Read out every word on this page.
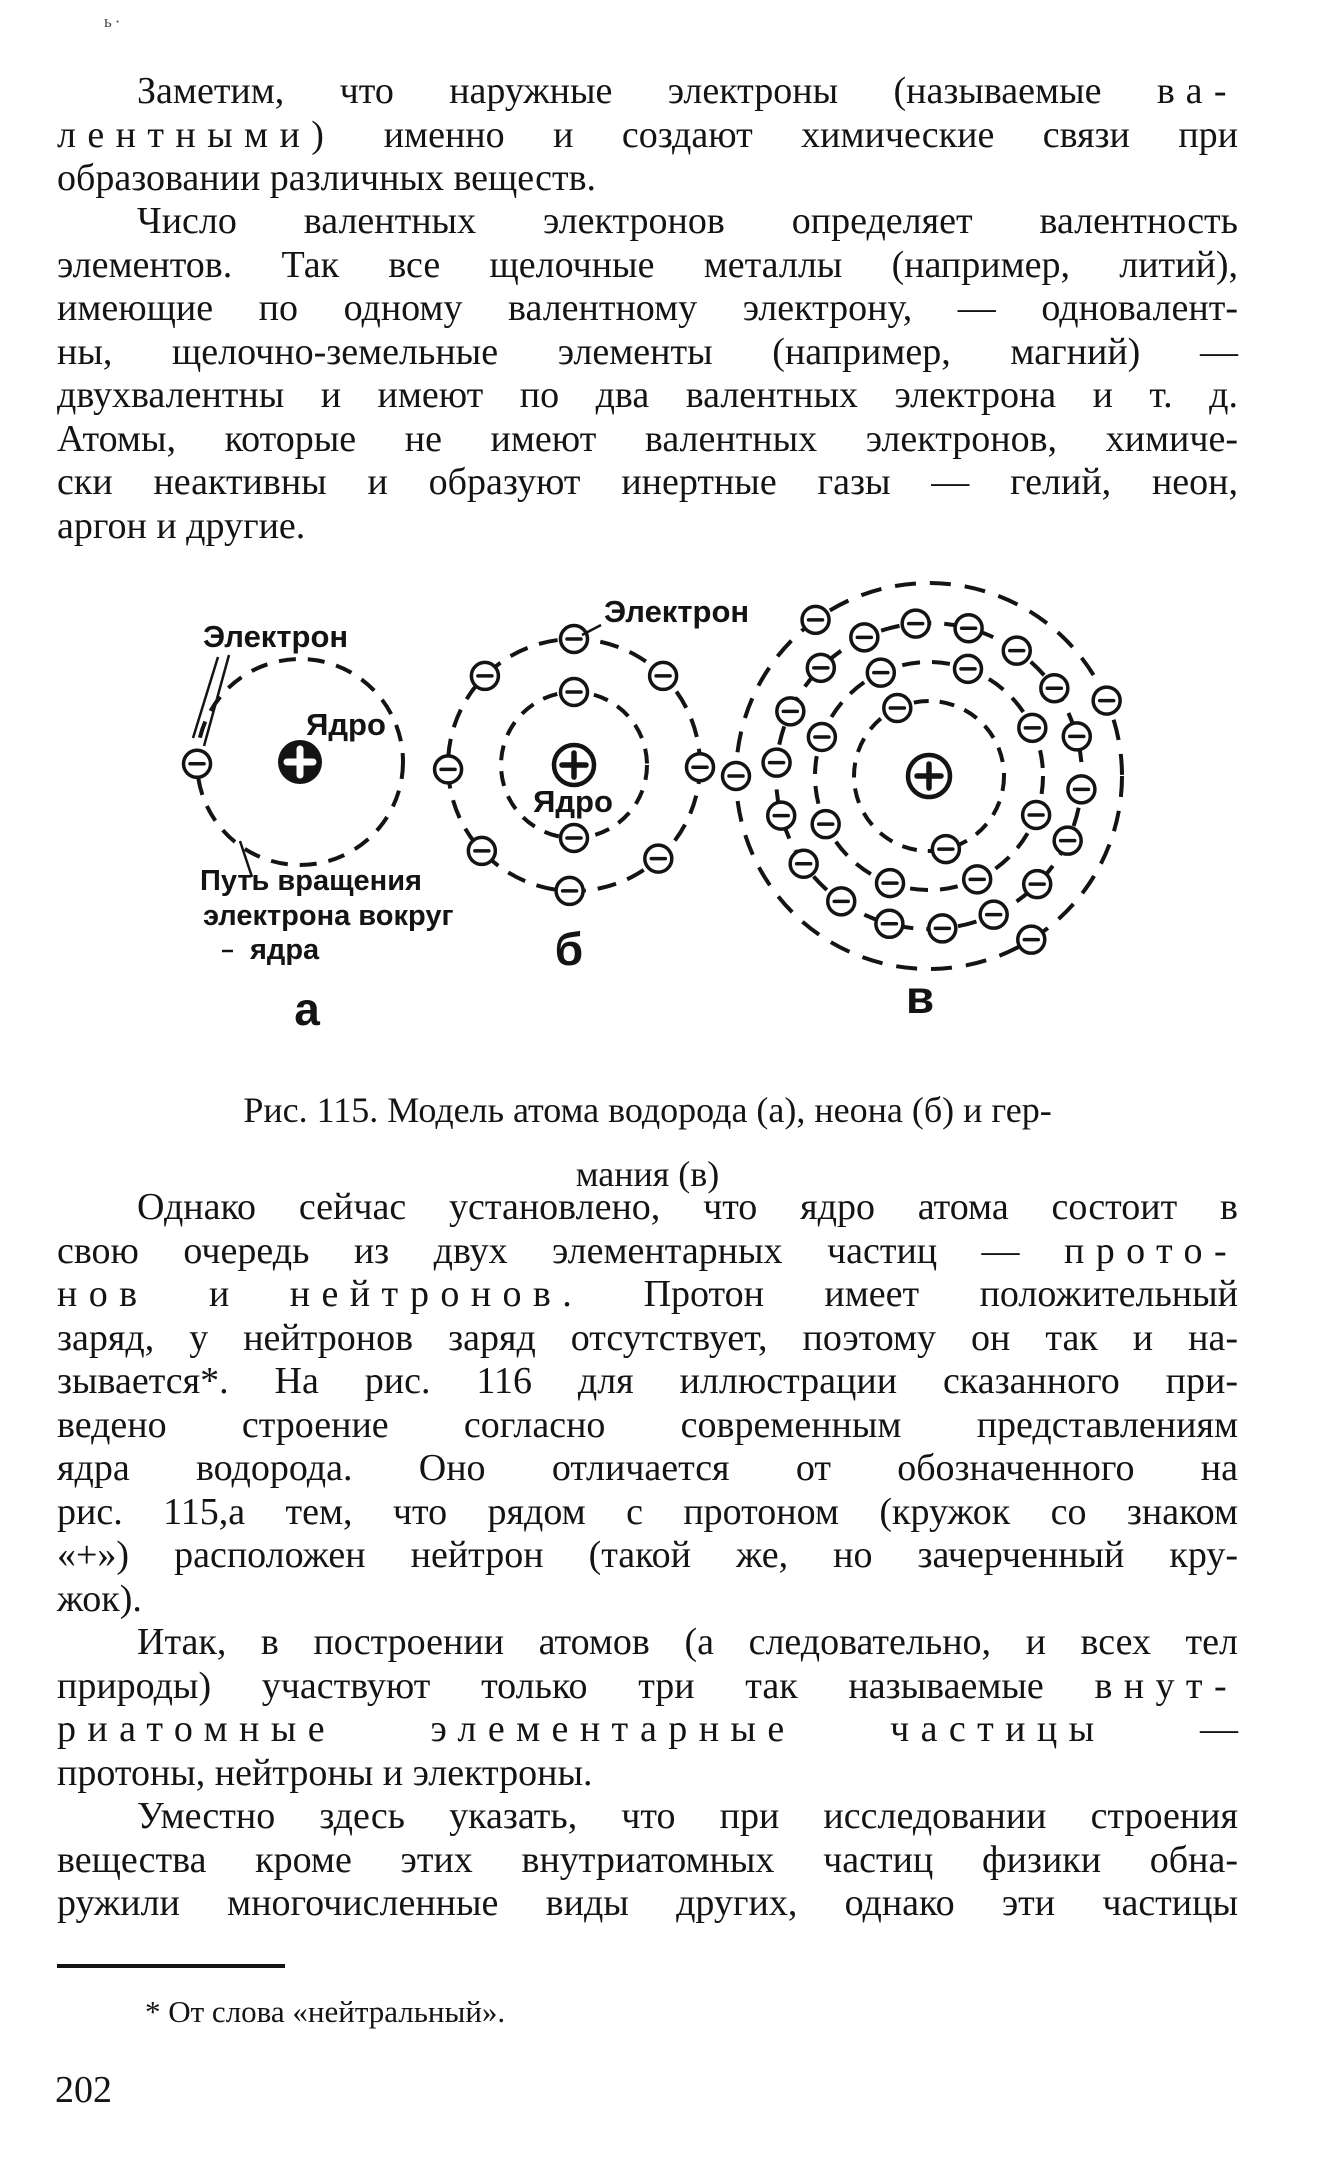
ь·
Заметим, что наружные электроны (называемые ва-
лентными) именно и создают химические связи при
образовании различных веществ.
Число валентных электронов определяет валентность
элементов. Так все щелочные металлы (например, литий),
имеющие по одному валентному электрону, — одновалент-
ны, щелочно-земельные элементы (например, магний) —
двухвалентны и имеют по два валентных электрона и т. д.
Атомы, которые не имеют валентных электронов, химиче-
ски неактивны и образуют инертные газы — гелий, неон,
аргон и другие.
Электрон
Электрон
Ядро
Ядро
Путь вращения
электрона вокруг
ядра
а
б
в
Рис. 115. Модель атома водорода (а), неона (б) и гер-
мания (в)
Однако сейчас установлено, что ядро атома состоит в
свою очередь из двух элементарных частиц — прото-
нов и нейтронов. Протон имеет положительный
заряд, у нейтронов заряд отсутствует, поэтому он так и на-
зывается*. На рис. 116 для иллюстрации сказанного при-
ведено строение согласно современным представлениям
ядра водорода. Оно отличается от обозначенного на
рис. 115,а тем, что рядом с протоном (кружок со знаком
«+») расположен нейтрон (такой же, но зачерченный кру-
жок).
Итак, в построении атомов (а следовательно, и всех тел
природы) участвуют только три так называемые внут-
риатомные элементарные частицы —
протоны, нейтроны и электроны.
Уместно здесь указать, что при исследовании строения
вещества кроме этих внутриатомных частиц физики обна-
ружили многочисленные виды других, однако эти частицы
* От слова «нейтральный».
202
